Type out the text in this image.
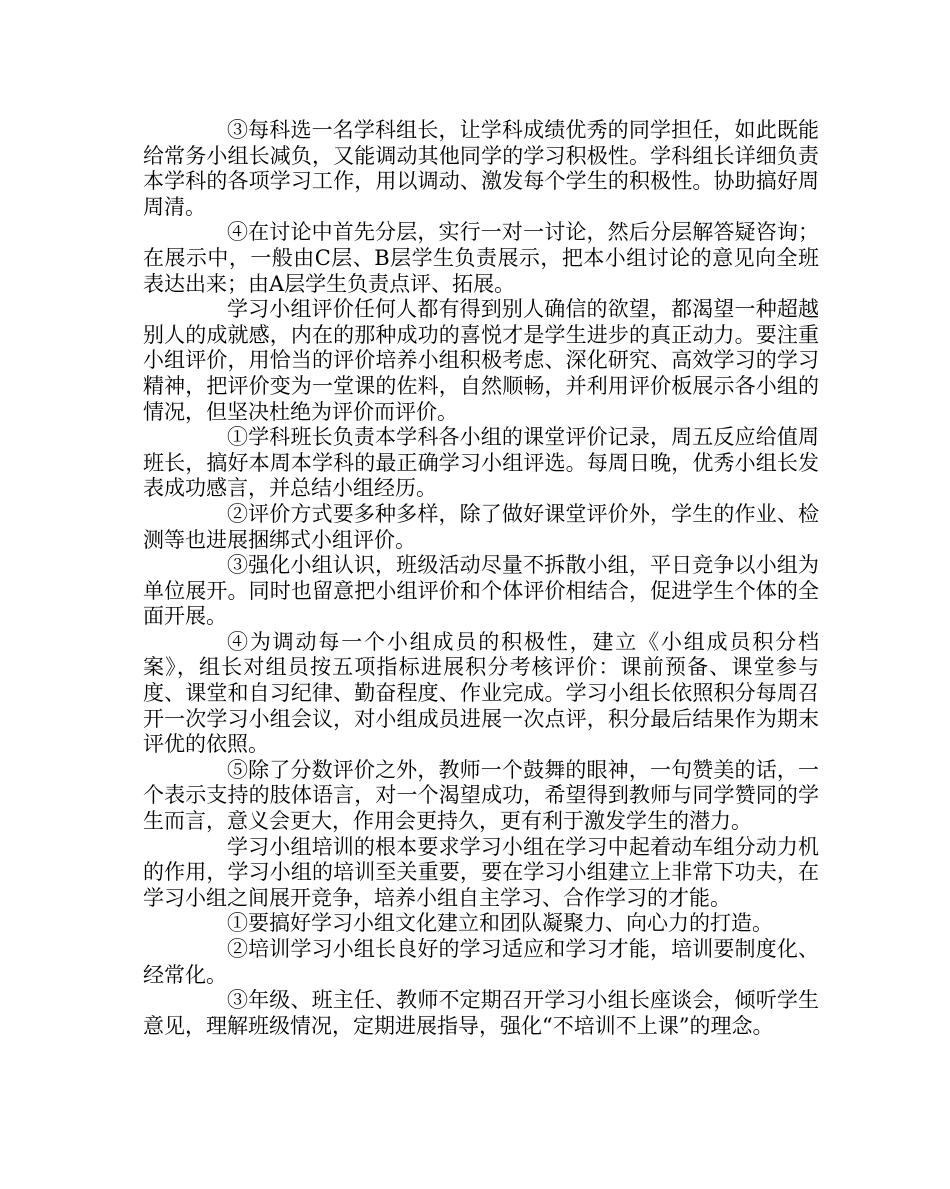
③每科选一名学科组长，让学科成绩优秀的同学担任，如此既能给常务小组长减负，又能调动其他同学的学习积极性。学科组长详细负责本学科的各项学习工作，用以调动、激发每个学生的积极性。协助搞好周周清。

④在讨论中首先分层，实行一对一讨论，然后分层解答疑咨询；在展示中，一般由C层、B层学生负责展示，把本小组讨论的意见向全班表达出来；由A层学生负责点评、拓展。

学习小组评价任何人都有得到别人确信的欲望，都渴望一种超越别人的成就感，内在的那种成功的喜悦才是学生进步的真正动力。要注重小组评价，用恰当的评价培养小组积极考虑、深化研究、高效学习的学习精神，把评价变为一堂课的佐料，自然顺畅，并利用评价板展示各小组的情况，但坚决杜绝为评价而评价。

①学科班长负责本学科各小组的课堂评价记录，周五反应给值周班长，搞好本周本学科的最正确学习小组评选。每周日晚，优秀小组长发表成功感言，并总结小组经历。

②评价方式要多种多样，除了做好课堂评价外，学生的作业、检测等也进展捆绑式小组评价。

③强化小组认识，班级活动尽量不拆散小组，平日竞争以小组为单位展开。同时也留意把小组评价和个体评价相结合，促进学生个体的全面开展。

④为调动每一个小组成员的积极性，建立《小组成员积分档案》，组长对组员按五项指标进展积分考核评价：课前预备、课堂参与度、课堂和自习纪律、勤奋程度、作业完成。学习小组长依照积分每周召开一次学习小组会议，对小组成员进展一次点评，积分最后结果作为期末评优的依照。

⑤除了分数评价之外，教师一个鼓舞的眼神，一句赞美的话，一个表示支持的肢体语言，对一个渴望成功，希望得到教师与同学赞同的学生而言，意义会更大，作用会更持久，更有利于激发学生的潜力。

学习小组培训的根本要求学习小组在学习中起着动车组分动力机的作用，学习小组的培训至关重要，要在学习小组建立上非常下功夫，在学习小组之间展开竞争，培养小组自主学习、合作学习的才能。

①要搞好学习小组文化建立和团队凝聚力、向心力的打造。

②培训学习小组长良好的学习适应和学习才能，培训要制度化、经常化。

③年级、班主任、教师不定期召开学习小组长座谈会，倾听学生意见，理解班级情况，定期进展指导，强化“不培训不上课”的理念。
